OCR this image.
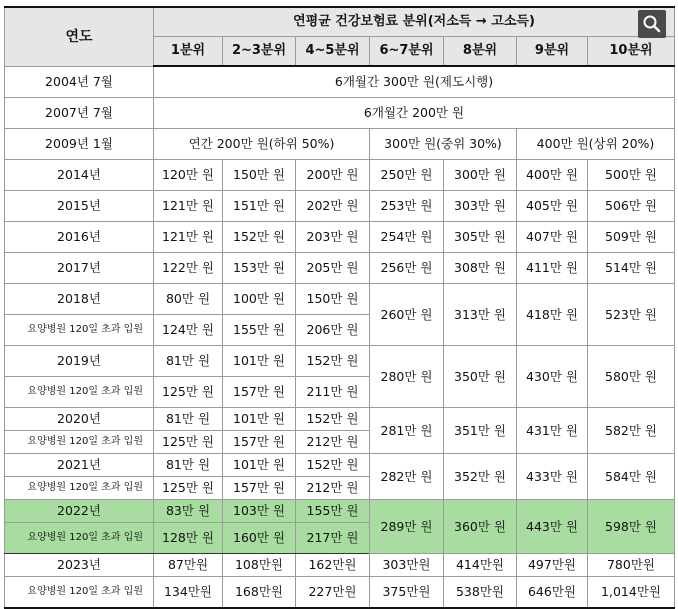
연도	연평균 건강보험료 분위(저소득 → 고소득)						
	1분위	2~3분위	4~5분위	6~7분위	8분위	9분위	10분위
2004년 7월	6개월간 300만 원(제도시행)						
2007년 7월	6개월간 200만 원						
2009년 1월	연간 200만 원(하위 50%)			300만 원(중위 30%)		400만 원(상위 20%)	
2014년	120만 원	150만 원	200만 원	250만 원	300만 원	400만 원	500만 원
2015년	121만 원	151만 원	202만 원	253만 원	303만 원	405만 원	506만 원
2016년	121만 원	152만 원	203만 원	254만 원	305만 원	407만 원	509만 원
2017년	122만 원	153만 원	205만 원	256만 원	308만 원	411만 원	514만 원
2018년	80만 원	100만 원	150만 원	260만 원	313만 원	418만 원	523만 원
요양병원 120일 초과 입원	124만 원	155만 원	206만 원				
2019년	81만 원	101만 원	152만 원	280만 원	350만 원	430만 원	580만 원
요양병원 120일 초과 입원	125만 원	157만 원	211만 원				
2020년	81만 원	101만 원	152만 원	281만 원	351만 원	431만 원	582만 원
요양병원 120일 초과 입원	125만 원	157만 원	212만 원				
2021년	81만 원	101만 원	152만 원	282만 원	352만 원	433만 원	584만 원
요양병원 120일 초과 입원	125만 원	157만 원	212만 원				
2022년	83만 원	103만 원	155만 원	289만 원	360만 원	443만 원	598만 원
요양병원 120일 초과 입원	128만 원	160만 원	217만 원				
2023년	87만원	108만원	162만원	303만원	414만원	497만원	780만원
요양병원 120일 초과 입원	134만원	168만원	227만원	375만원	538만원	646만원	1,014만원
